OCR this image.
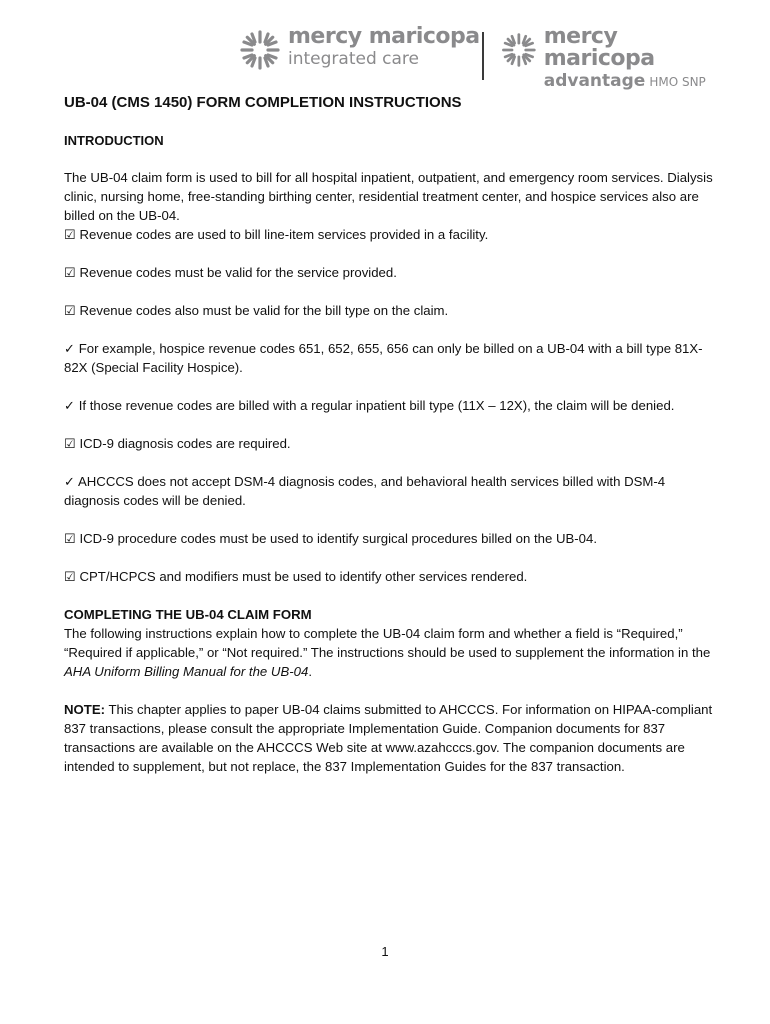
mercy maricopa
integrated care
mercy maricopa
advantage HMO SNP
UB-04 (CMS 1450) FORM COMPLETION INSTRUCTIONS
INTRODUCTION

The UB-04 claim form is used to bill for all hospital inpatient, outpatient, and emergency room services. Dialysis clinic, nursing home, free-standing birthing center, residential treatment center, and hospice services also are billed on the UB-04.

☑ Revenue codes are used to bill line-item services provided in a facility.

☑ Revenue codes must be valid for the service provided.

☑ Revenue codes also must be valid for the bill type on the claim.

✓ For example, hospice revenue codes 651, 652, 655, 656 can only be billed on a UB-04 with a bill type 81X-82X (Special Facility Hospice).

✓ If those revenue codes are billed with a regular inpatient bill type (11X – 12X), the claim will be denied.

☑ ICD-9 diagnosis codes are required.

✓ AHCCCS does not accept DSM-4 diagnosis codes, and behavioral health services billed with DSM-4 diagnosis codes will be denied.

☑ ICD-9 procedure codes must be used to identify surgical procedures billed on the UB-04.

☑ CPT/HCPCS and modifiers must be used to identify other services rendered.

COMPLETING THE UB-04 CLAIM FORM

The following instructions explain how to complete the UB-04 claim form and whether a field is “Required,” “Required if applicable,” or “Not required.” The instructions should be used to supplement the information in the AHA Uniform Billing Manual for the UB-04.

NOTE: This chapter applies to paper UB-04 claims submitted to AHCCCS. For information on HIPAA-compliant 837 transactions, please consult the appropriate Implementation Guide. Companion documents for 837 transactions are available on the AHCCCS Web site at www.azahcccs.gov. The companion documents are intended to supplement, but not replace, the 837 Implementation Guides for the 837 transaction.

1
